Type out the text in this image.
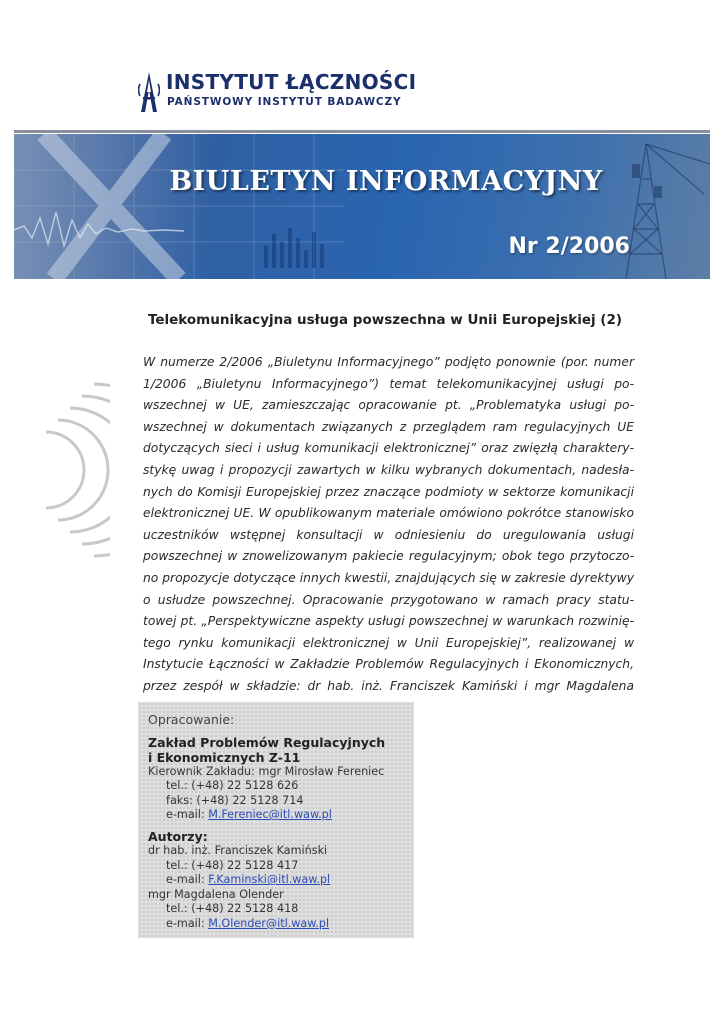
INSTYTUT ŁĄCZNOŚCI
PAŃSTWOWY INSTYTUT BADAWCZY
BIULETYN INFORMACYJNY
Nr 2/2006
Telekomunikacyjna usługa powszechna w Unii Europejskiej (2)

W numerze 2/2006 „Biuletynu Informacyjnego” podjęto ponownie (por. numer 1/2006 „Biuletynu Informacyjnego”) temat telekomunikacyjnej usługi powszechnej w UE, zamieszczając opracowanie pt. „Problematyka usługi powszechnej w dokumentach związanych z przeglądem ram regulacyjnych UE dotyczących sieci i usług komunikacji elektronicznej” oraz zwięzłą charakterystykę uwag i propozycji zawartych w kilku wybranych dokumentach, nadesłanych do Komisji Europejskiej przez znaczące podmioty w sektorze komunikacji elektronicznej UE. W opublikowanym materiale omówiono pokrótce stanowisko uczestników wstępnej konsultacji w odniesieniu do uregulowania usługi powszechnej w znowelizowanym pakiecie regulacyjnym; obok tego przytoczono propozycje dotyczące innych kwestii, znajdujących się w zakresie dyrektywy o usłudze powszechnej. Opracowanie przygotowano w ramach pracy statutowej pt. „Perspektywiczne aspekty usługi powszechnej w warunkach rozwiniętego rynku komunikacji elektronicznej w Unii Europejskiej”, realizowanej w Instytucie Łączności w Zakładzie Problemów Regulacyjnych i Ekonomicznych, przez zespół w składzie: dr hab. inż. Franciszek Kamiński i mgr Magdalena

Opracowanie:
Zakład Problemów Regulacyjnych
i Ekonomicznych Z-11
Kierownik Zakładu: mgr Mirosław Fereniec
tel.: (+48) 22 5128 626
faks: (+48) 22 5128 714
e-mail: M.Fereniec@itl.waw.pl
Autorzy:
dr hab. inż. Franciszek Kamiński
tel.: (+48) 22 5128 417
e-mail: F.Kaminski@itl.waw.pl
mgr Magdalena Olender
tel.: (+48) 22 5128 418
e-mail: M.Olender@itl.waw.pl
